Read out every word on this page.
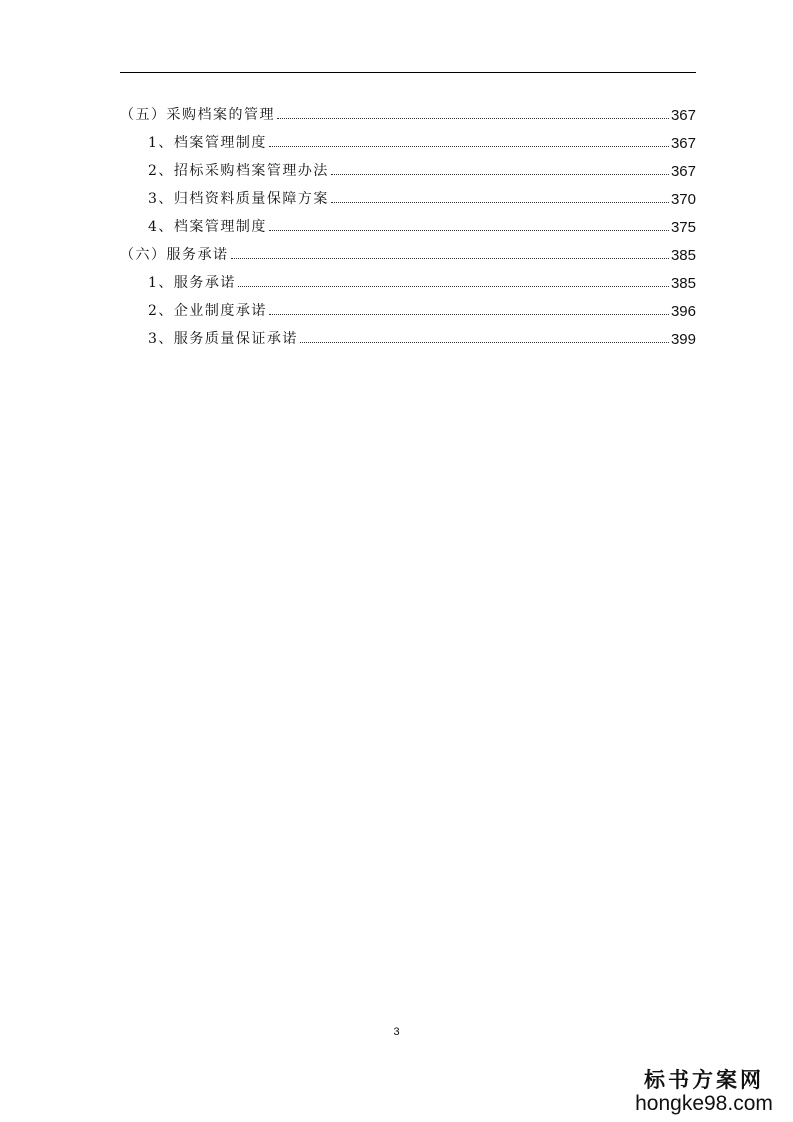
（五）采购档案的管理	367
1、档案管理制度	367
2、招标采购档案管理办法	367
3、归档资料质量保障方案	370
4、档案管理制度	375
（六）服务承诺	385
1、服务承诺	385
2、企业制度承诺	396
3、服务质量保证承诺	399
3
标书方案网
hongke98.com
